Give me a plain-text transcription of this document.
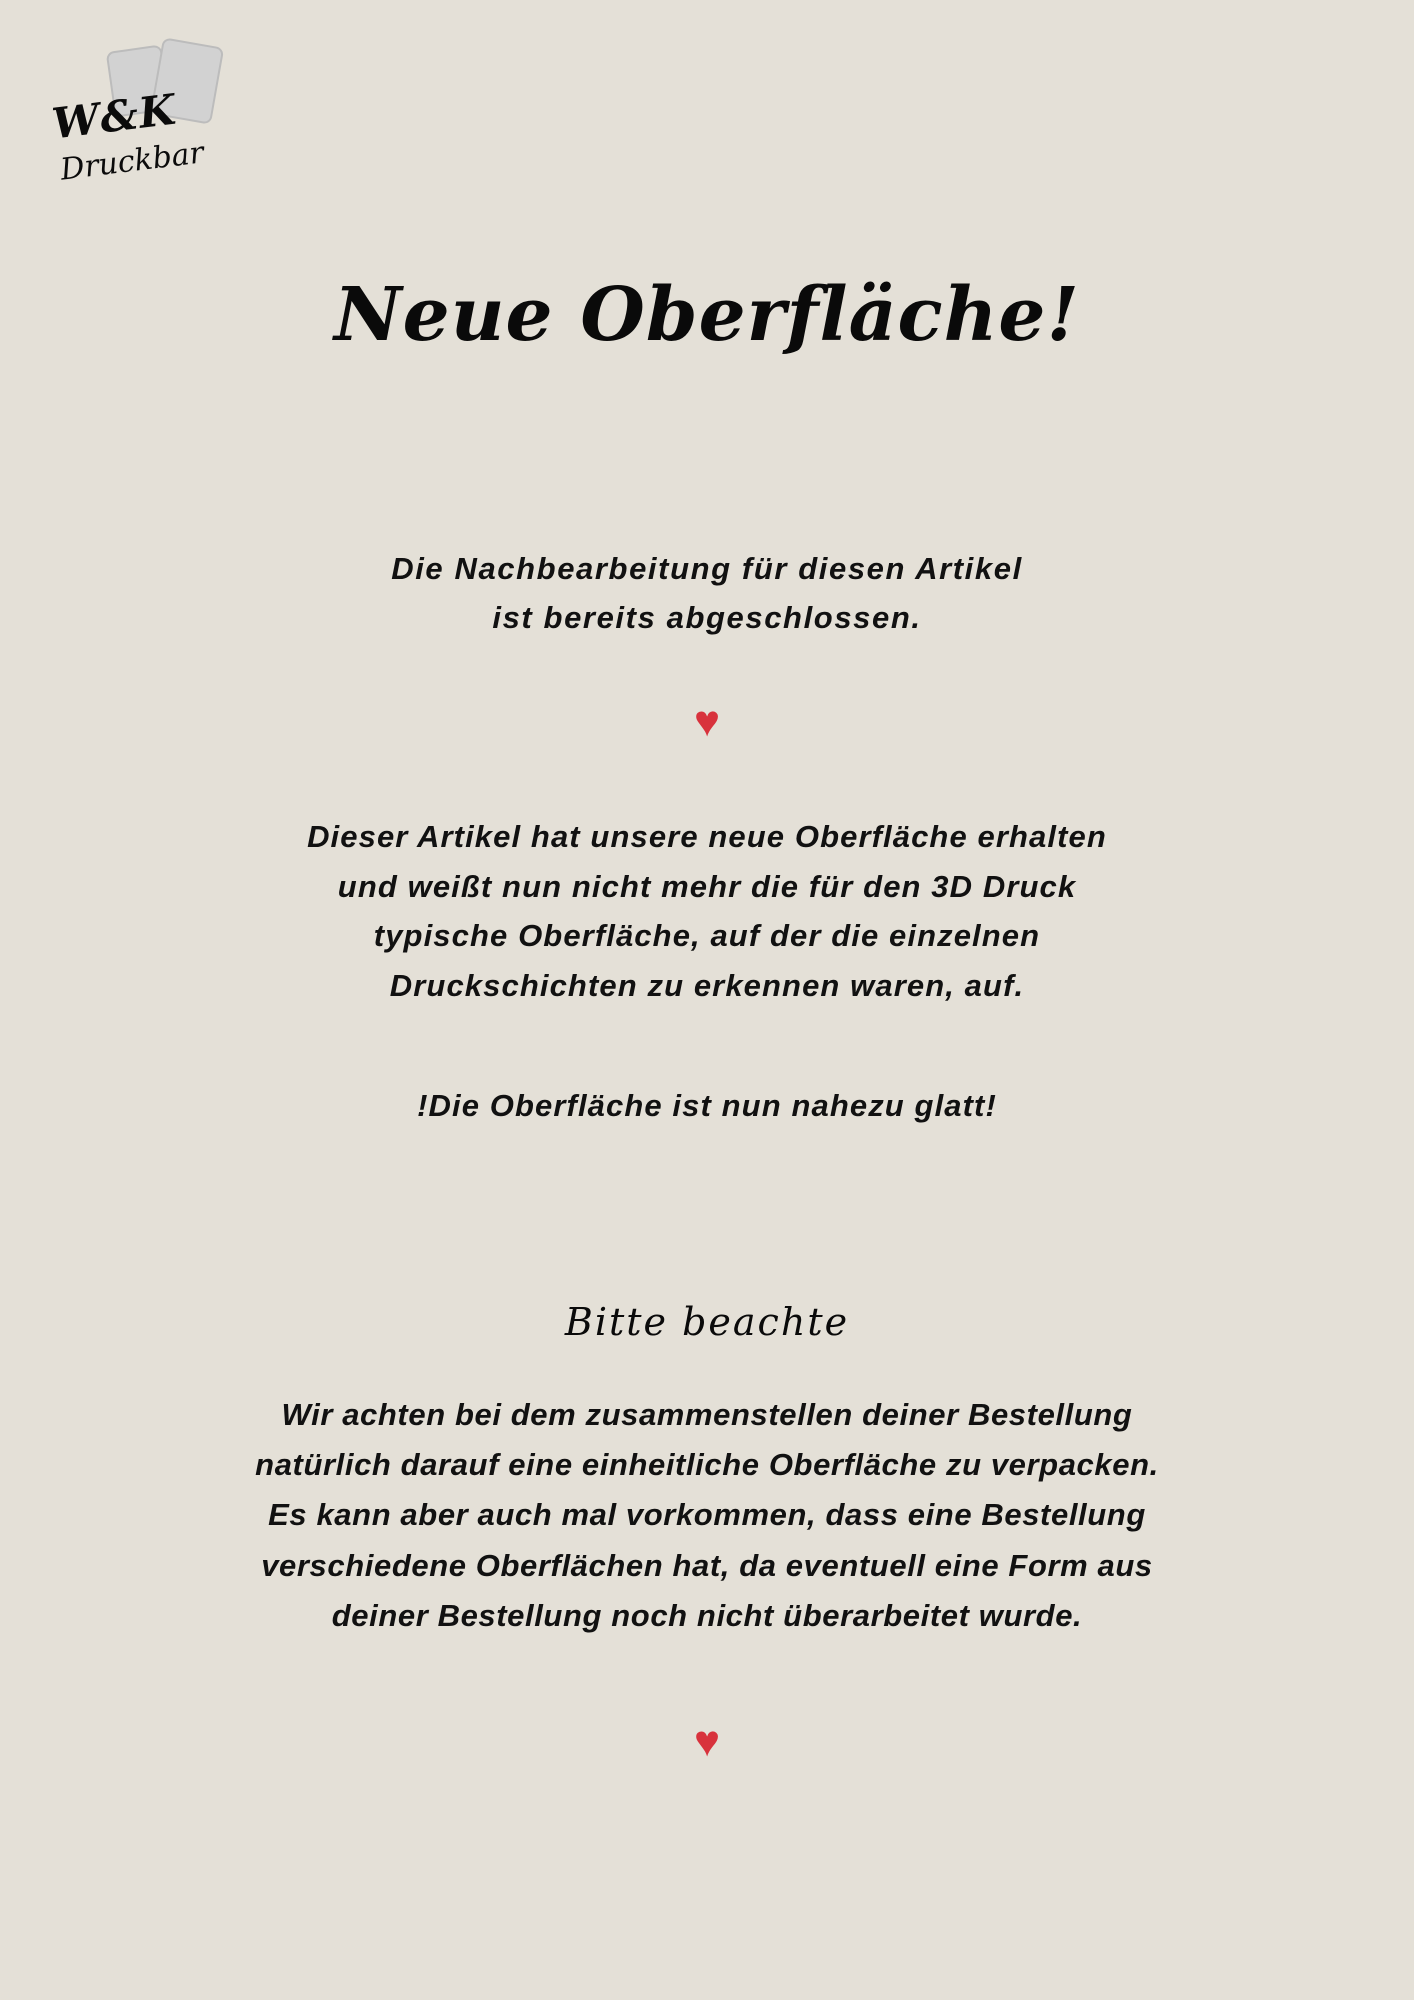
W&K
Druckbar
Neue Oberfläche!
Die Nachbearbeitung für diesen Artikel
ist bereits abgeschlossen.
♥
Dieser Artikel hat unsere neue Oberfläche erhalten
und weißt nun nicht mehr die für den 3D Druck
typische Oberfläche, auf der die einzelnen
Druckschichten zu erkennen waren, auf.
!Die Oberfläche ist nun nahezu glatt!
Bitte beachte
Wir achten bei dem zusammenstellen deiner Bestellung
natürlich darauf eine einheitliche Oberfläche zu verpacken.
Es kann aber auch mal vorkommen, dass eine Bestellung
verschiedene Oberflächen hat, da eventuell eine Form aus
deiner Bestellung noch nicht überarbeitet wurde.
♥
